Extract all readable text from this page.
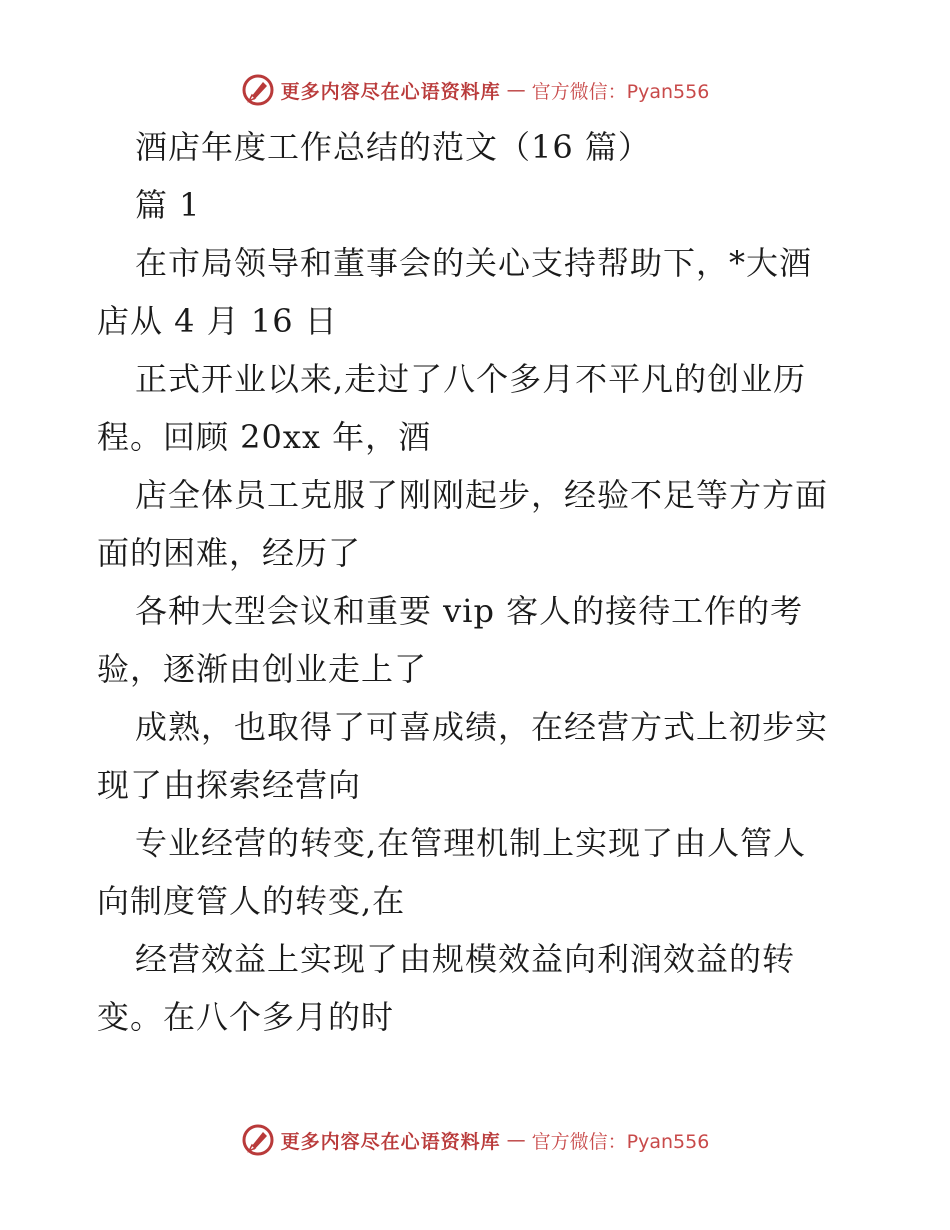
更多内容尽在心语资料库 — 官方微信：Pyan556
酒店年度工作总结的范文（16 篇）
篇 1
在市局领导和董事会的关心支持帮助下，*大酒
店从 4 月 16 日
正式开业以来,走过了八个多月不平凡的创业历
程。回顾 20xx 年，酒
店全体员工克服了刚刚起步，经验不足等方方面
面的困难，经历了
各种大型会议和重要 vip 客人的接待工作的考
验，逐渐由创业走上了
成熟，也取得了可喜成绩，在经营方式上初步实
现了由探索经营向
专业经营的转变,在管理机制上实现了由人管人
向制度管人的转变,在
经营效益上实现了由规模效益向利润效益的转
变。在八个多月的时
更多内容尽在心语资料库 — 官方微信：Pyan556
